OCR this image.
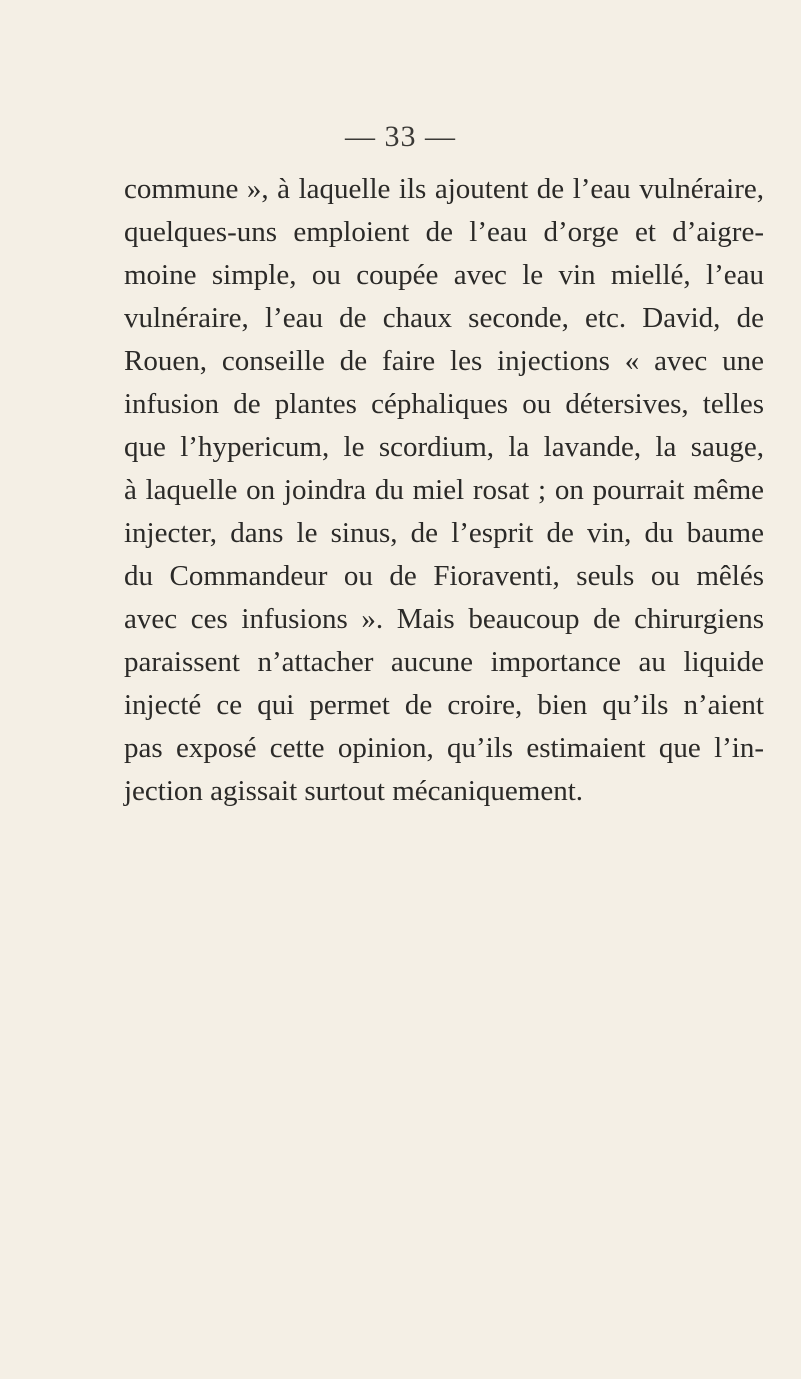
— 33 —
commune », à laquelle ils ajoutent de l’eau vulnéraire,
quelques-uns emploient de l’eau d’orge et d’aigre-
moine simple, ou coupée avec le vin miellé, l’eau
vulnéraire, l’eau de chaux seconde, etc. David, de
Rouen, conseille de faire les injections « avec une
infusion de plantes céphaliques ou détersives, telles
que l’hypericum, le scordium, la lavande, la sauge,
à laquelle on joindra du miel rosat ; on pourrait même
injecter, dans le sinus, de l’esprit de vin, du baume
du Commandeur ou de Fioraventi, seuls ou mêlés
avec ces infusions ». Mais beaucoup de chirurgiens
paraissent n’attacher aucune importance au liquide
injecté ce qui permet de croire, bien qu’ils n’aient
pas exposé cette opinion, qu’ils estimaient que l’in-
jection agissait surtout mécaniquement.
